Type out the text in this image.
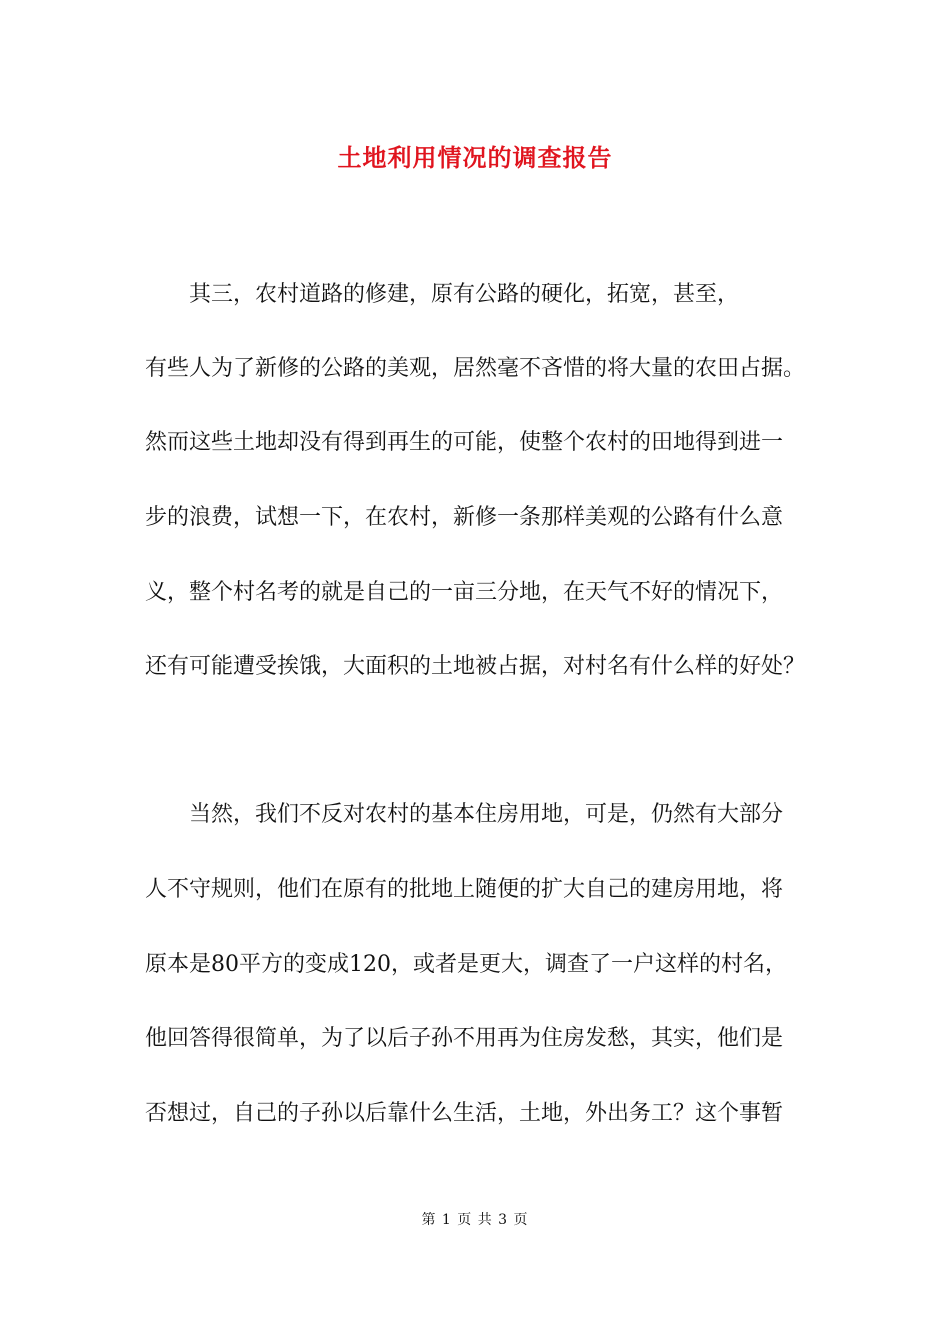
土地利用情况的调查报告
　　其三，农村道路的修建，原有公路的硬化，拓宽，甚至，
有些人为了新修的公路的美观，居然毫不吝惜的将大量的农田占据。
然而这些土地却没有得到再生的可能，使整个农村的田地得到进一
步的浪费，试想一下，在农村，新修一条那样美观的公路有什么意
义，整个村名考的就是自己的一亩三分地，在天气不好的情况下，
还有可能遭受挨饿，大面积的土地被占据，对村名有什么样的好处？
　　当然，我们不反对农村的基本住房用地，可是，仍然有大部分
人不守规则，他们在原有的批地上随便的扩大自己的建房用地，将
原本是80平方的变成120，或者是更大，调查了一户这样的村名，
他回答得很简单，为了以后子孙不用再为住房发愁，其实，他们是
否想过，自己的子孙以后靠什么生活，土地，外出务工？这个事暂
第 1 页 共 3 页
